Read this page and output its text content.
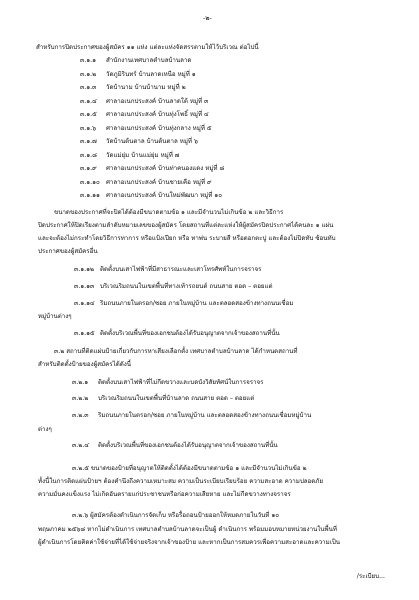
-๒-
สำหรับการปิดประกาศของผู้สมัคร ๑๑ แห่ง แต่ละแห่งจัดสรรตามให้ไว้บริเวณ ต่อไปนี้
๓.๑.๑ สำนักงานเทศบาลตำบลบ้านลาด
๓.๑.๒ วัดภูมิรินทร์ บ้านลาดเหนือ หมู่ที่ ๑
๓.๑.๓ วัดบ้านาม บ้านบ้านาม หมู่ที่ ๒
๓.๑.๔ ศาลาอเนกประสงค์ บ้านลาดใต้ หมู่ที่ ๓
๓.๑.๕ ศาลาอเนกประสงค์ บ้านทุ่งโพธิ์ หมู่ที่ ๔
๓.๑.๖ ศาลาอเนกประสงค์ บ้านทุ่งกลาง หมู่ที่ ๕
๓.๑.๗ วัดบ้านต้นตาล บ้านต้นตาล หมู่ที่ ๖
๓.๑.๘ วัดแม่ยุ่ม บ้านแม่ยุ่ม หมู่ที่ ๗
๓.๑.๙ ศาลาอเนกประสงค์ บ้านท่าคนองแดง หมู่ที่ ๘
๓.๑.๑๐ ศาลาอเนกประสงค์ บ้านชายเคือ หมู่ที่ ๙
๓.๑.๑๑ ศาลาอเนกประสงค์ บ้านใหม่พัฒนา หมู่ที่ ๑๐
ขนาดของประกาศที่จะปิดได้ต้องมีขนาดตามข้อ ๑ และมีจำนวนไม่เกินข้อ ๒ และวิธีการ
ปิดประกาศให้ปิดเรียงตามลำดับหมายเลขของผู้สมัคร โดยสถานที่แต่ละแห่งให้ผู้สมัครปิดประกาศได้คนละ ๑ แผ่น
และจะต้องไม่กระทำโดยวิธีการทาการ หรือแป้งเปียก หรือ ทาพ่น ระบายสี หรือตอกตะปู และต้องไม่ปิดทับ ซ้อนทับ
ประกาศของผู้สมัครอื่น
๓.๑.๑๒ ติดตั้งบนเสาไฟฟ้าที่มีสาธารณะและเสาโทรศัพท์ในการจราจร
๓.๑.๑๓ บริเวณริมถนนในเขตพื้นที่ทางเท้ารถยนต์ ถนนสาย ตอด – ตอยแต่
๓.๑.๑๔ ริมถนนภายในตรอก/ซอย ภายในหมู่บ้าน และตลอดสองข้างทางถนนเชื่อม
หมู่บ้านต่างๆ
๓.๑.๑๕ ติดตั้งบริเวณพื้นที่ของเอกชนต้องได้รับอนุญาตจากเจ้าของสถานที่นั้น
๓.๒ สถานที่ติดแผ่นป้ายเกี่ยวกับการหาเสียงเลือกตั้ง เทศบาลตำบลบ้านลาด ได้กำหนดสถานที่
สำหรับติดตั้งป้ายของผู้สมัครได้ดังนี้
๓.๒.๑ ติดตั้งบนเสาไฟฟ้าที่ไม่กีดขวางและบดบังวิสัยทัศน์ในการจราจร
๓.๒.๒ บริเวณริมถนนในเขตพื้นที่บ้านลาด ถนนสาย ตอด – ตอยแต่
๓.๒.๓ ริมถนนภายในตรอก/ซอย ภายในหมู่บ้าน และตลอดสองข้างทางถนนเชื่อมหมู่บ้าน
ต่างๆ
๓.๒.๔ ติดตั้งบริเวณพื้นที่ของเอกชนต้องได้รับอนุญาตจากเจ้าของสถานที่นั้น
๓.๒.๕ ขนาดของป้ายที่อนุญาตให้ติดตั้งได้ต้องมีขนาดตามข้อ ๑ และมีจำนวนไม่เกินข้อ ๒
ทั้งนี้ในการติดแผ่นป้ายฯ ต้องคำนึงถึงความเหมาะสม ความเป็นระเบียบเรียบร้อย ความสะอาด ความปลอดภัย
ความมั่นคงแข็งแรง ไม่เกิดอันตรายแก่ประชาชนหรือก่อความเสียหาย และไม่กีดขวางทางจราจร
๓.๒.๖ ผู้สมัครต้องดำเนินการจัดเก็บ หรือรื้อถอนป้ายออกให้หมดภายในวันที่ ๑๐
พฤษภาคม ๒๕๖๘ หากไม่ดำเนินการ เทศบาลตำบลบ้านลาดจะเป็นผู้ ดำเนินการ พร้อมมอบหมายหน่วยงานในพื้นที่
ผู้ดำเนินการโดยคิดค่าใช้จ่ายที่ได้ใช้จ่ายจริงจากเจ้าของป้าย และหากเป็นการสมควรเพื่อความสะอาดและความเป็น
/ระเบียบ...
